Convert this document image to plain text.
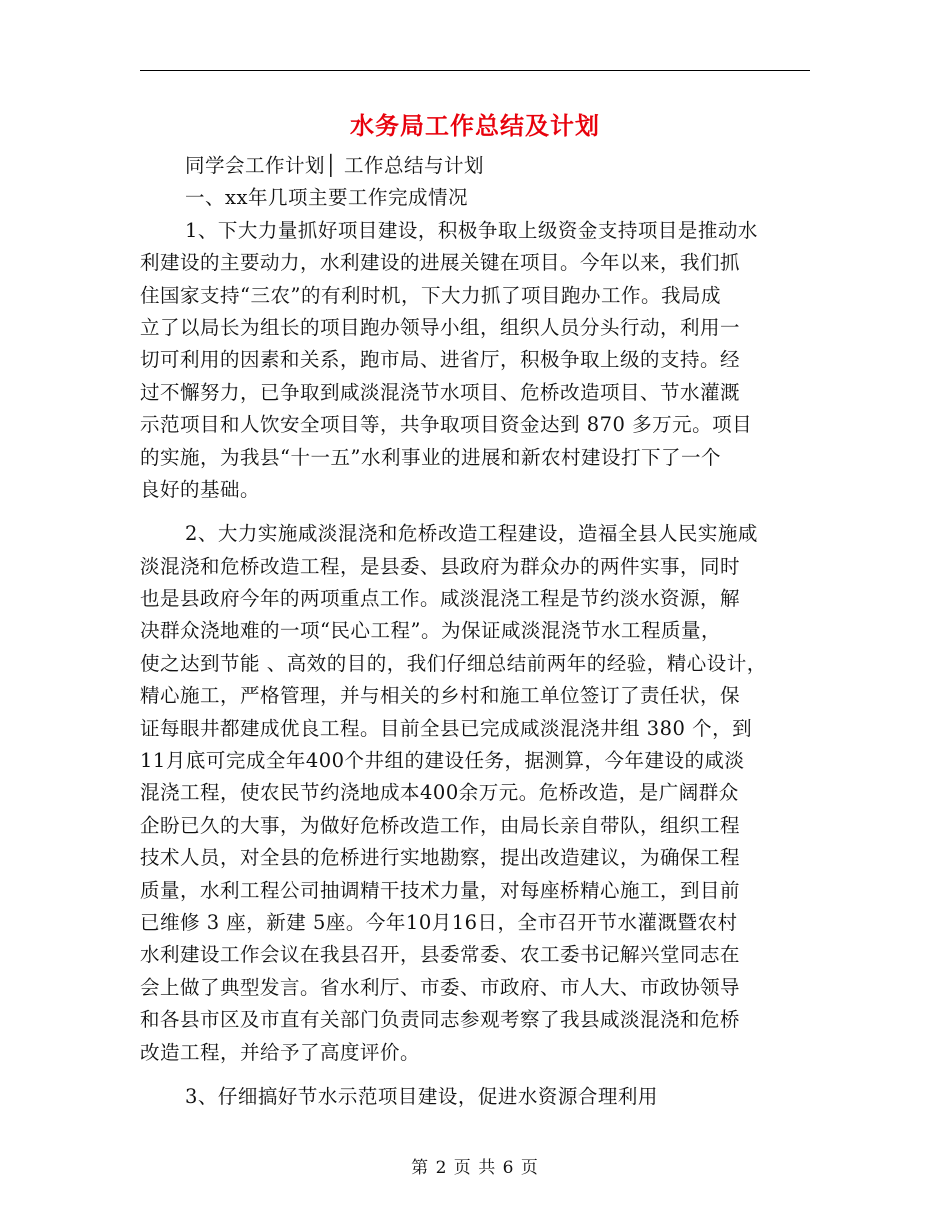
水务局工作总结及计划
同学会工作计划│ 工作总结与计划
一、xx年几项主要工作完成情况
1、下大力量抓好项目建设，积极争取上级资金支持项目是推动水
利建设的主要动力，水利建设的进展关键在项目。今年以来，我们抓
住国家支持“三农”的有利时机，下大力抓了项目跑办工作。我局成
立了以局长为组长的项目跑办领导小组，组织人员分头行动，利用一
切可利用的因素和关系，跑市局、进省厅，积极争取上级的支持。经
过不懈努力，已争取到咸淡混浇节水项目、危桥改造项目、节水灌溉
示范项目和人饮安全项目等，共争取项目资金达到 870 多万元。项目
的实施，为我县“十一五”水利事业的进展和新农村建设打下了一个
良好的基础。
2、大力实施咸淡混浇和危桥改造工程建设，造福全县人民实施咸
淡混浇和危桥改造工程，是县委、县政府为群众办的两件实事，同时
也是县政府今年的两项重点工作。咸淡混浇工程是节约淡水资源，解
决群众浇地难的一项“民心工程”。为保证咸淡混浇节水工程质量，
使之达到节能 、高效的目的，我们仔细总结前两年的经验，精心设计，
精心施工，严格管理，并与相关的乡村和施工单位签订了责任状，保
证每眼井都建成优良工程。目前全县已完成咸淡混浇井组 380 个，到
11月底可完成全年400个井组的建设任务，据测算，今年建设的咸淡
混浇工程，使农民节约浇地成本400余万元。危桥改造，是广阔群众
企盼已久的大事，为做好危桥改造工作，由局长亲自带队，组织工程
技术人员，对全县的危桥进行实地勘察，提出改造建议，为确保工程
质量，水利工程公司抽调精干技术力量，对每座桥精心施工，到目前
已维修 3 座，新建 5座。今年10月16日，全市召开节水灌溉暨农村
水利建设工作会议在我县召开，县委常委、农工委书记解兴堂同志在
会上做了典型发言。省水利厅、市委、市政府、市人大、市政协领导
和各县市区及市直有关部门负责同志参观考察了我县咸淡混浇和危桥
改造工程，并给予了高度评价。
3、仔细搞好节水示范项目建设，促进水资源合理利用
第 2 页 共 6 页
